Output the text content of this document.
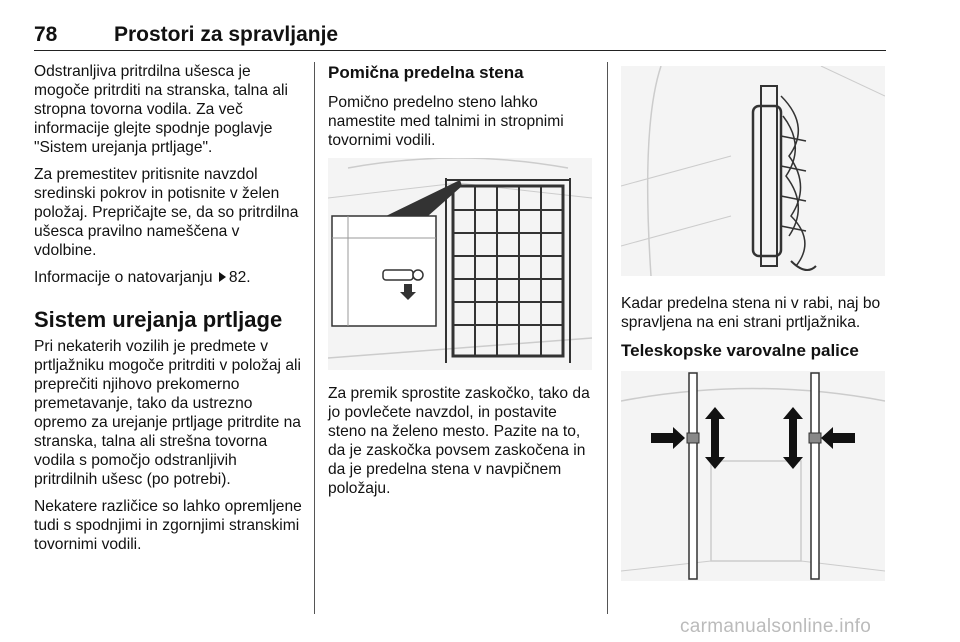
78	Prostori za spravljanje

Odstranljiva pritrdilna ušesca je mogoče pritrditi na stranska, talna ali stropna tovorna vodila. Za več informacije glejte spodnje poglavje "Sistem urejanja prtljage".

Za premestitev pritisnite navzdol sredinski pokrov in potisnite v želen položaj. Prepričajte se, da so pritrdilna ušesca pravilno nameščena v vdolbine.

Informacije o natovarjanju 82.

Sistem urejanja prtljage

Pri nekaterih vozilih je predmete v prtljažniku mogoče pritrditi v položaj ali preprečiti njihovo prekomerno premetavanje, tako da ustrezno opremo za urejanje prtljage pritrdite na stranska, talna ali strešna tovorna vodila s pomočjo odstranljivih pritrdilnih ušesc (po potrebi).

Nekatere različice so lahko opremljene tudi s spodnjimi in zgornjimi stranskimi tovornimi vodili.

Pomična predelna stena

Pomično predelno steno lahko namestite med talnimi in stropnimi tovornimi vodili.

Za premik sprostite zaskočko, tako da jo povlečete navzdol, in postavite steno na želeno mesto. Pazite na to, da je zaskočka povsem zaskočena in da je predelna stena v navpičnem položaju.

Kadar predelna stena ni v rabi, naj bo spravljena na eni strani prtljažnika.

Teleskopske varovalne palice
carmanualsonline.info
